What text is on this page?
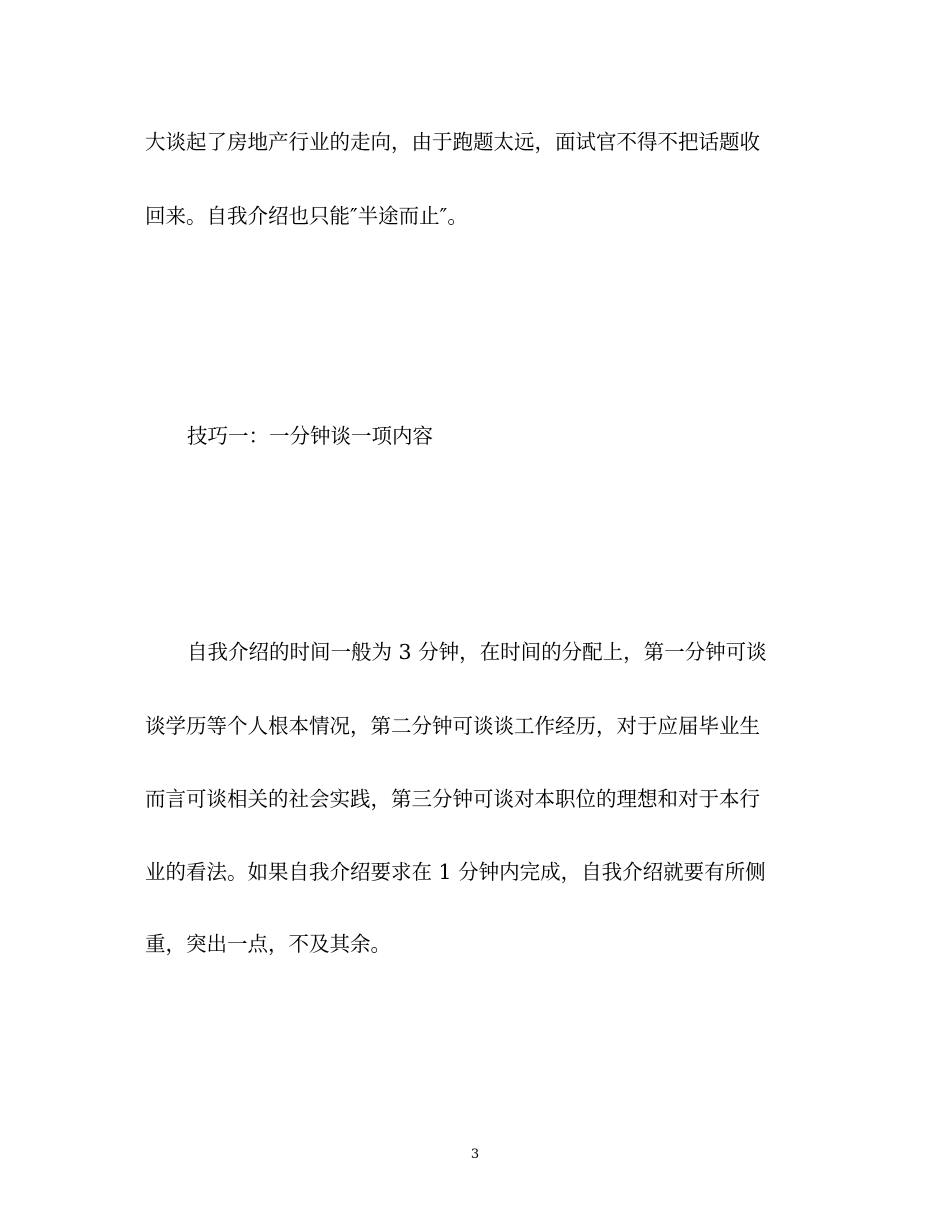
大谈起了房地产行业的走向，由于跑题太远，面试官不得不把话题收
回来。自我介绍也只能″半途而止″。
技巧一：一分钟谈一项内容
自我介绍的时间一般为 3 分钟，在时间的分配上，第一分钟可谈
谈学历等个人根本情况，第二分钟可谈谈工作经历，对于应届毕业生
而言可谈相关的社会实践，第三分钟可谈对本职位的理想和对于本行
业的看法。如果自我介绍要求在 1 分钟内完成，自我介绍就要有所侧
重，突出一点，不及其余。
3
